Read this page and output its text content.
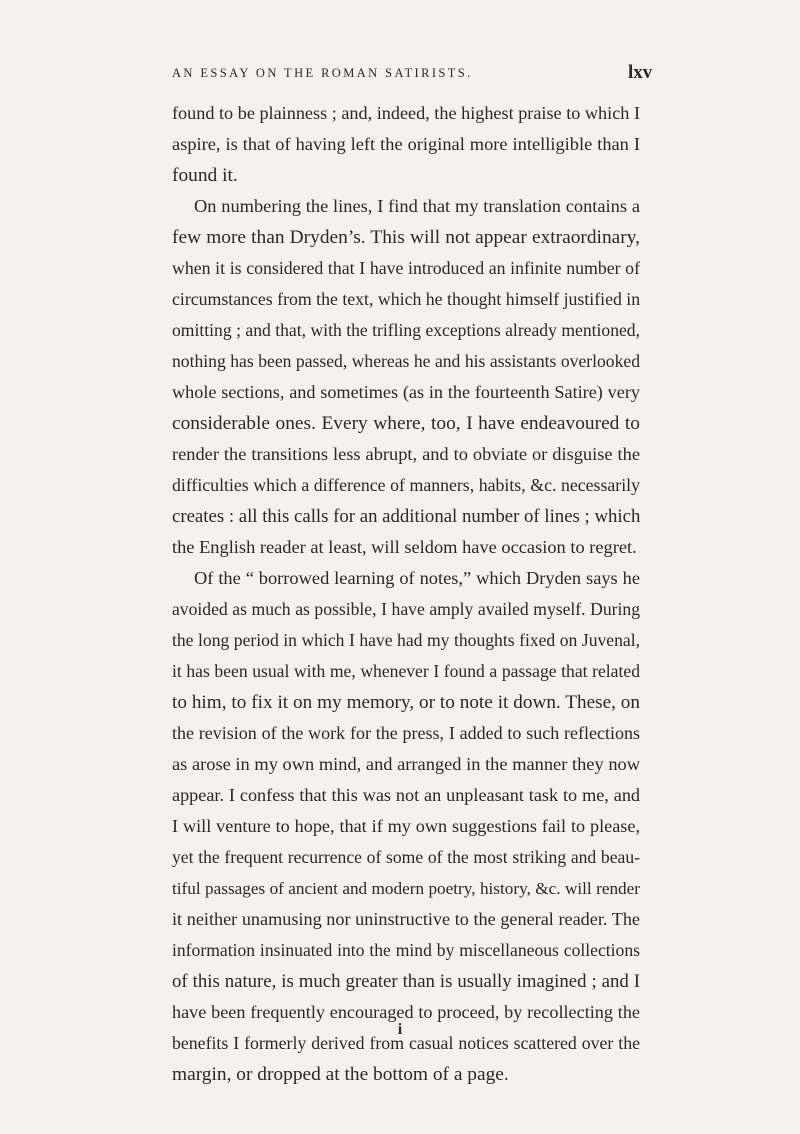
AN ESSAY ON THE ROMAN SATIRISTS.	lxv
found to be plainness ; and, indeed, the highest praise to which I
aspire, is that of having left the original more intelligible than I
found it.
On numbering the lines, I find that my translation contains a
few more than Dryden’s. This will not appear extraordinary,
when it is considered that I have introduced an infinite number of
circumstances from the text, which he thought himself justified in
omitting ; and that, with the trifling exceptions already mentioned,
nothing has been passed, whereas he and his assistants overlooked
whole sections, and sometimes (as in the fourteenth Satire) very
considerable ones. Every where, too, I have endeavoured to
render the transitions less abrupt, and to obviate or disguise the
difficulties which a difference of manners, habits, &c. necessarily
creates : all this calls for an additional number of lines ; which
the English reader at least, will seldom have occasion to regret.
Of the “ borrowed learning of notes,” which Dryden says he
avoided as much as possible, I have amply availed myself. During
the long period in which I have had my thoughts fixed on Juvenal,
it has been usual with me, whenever I found a passage that related
to him, to fix it on my memory, or to note it down. These, on
the revision of the work for the press, I added to such reflections
as arose in my own mind, and arranged in the manner they now
appear. I confess that this was not an unpleasant task to me, and
I will venture to hope, that if my own suggestions fail to please,
yet the frequent recurrence of some of the most striking and beau-
tiful passages of ancient and modern poetry, history, &c. will render
it neither unamusing nor uninstructive to the general reader. The
information insinuated into the mind by miscellaneous collections
of this nature, is much greater than is usually imagined ; and I
have been frequently encouraged to proceed, by recollecting the
benefits I formerly derived from casual notices scattered over the
margin, or dropped at the bottom of a page.
i
